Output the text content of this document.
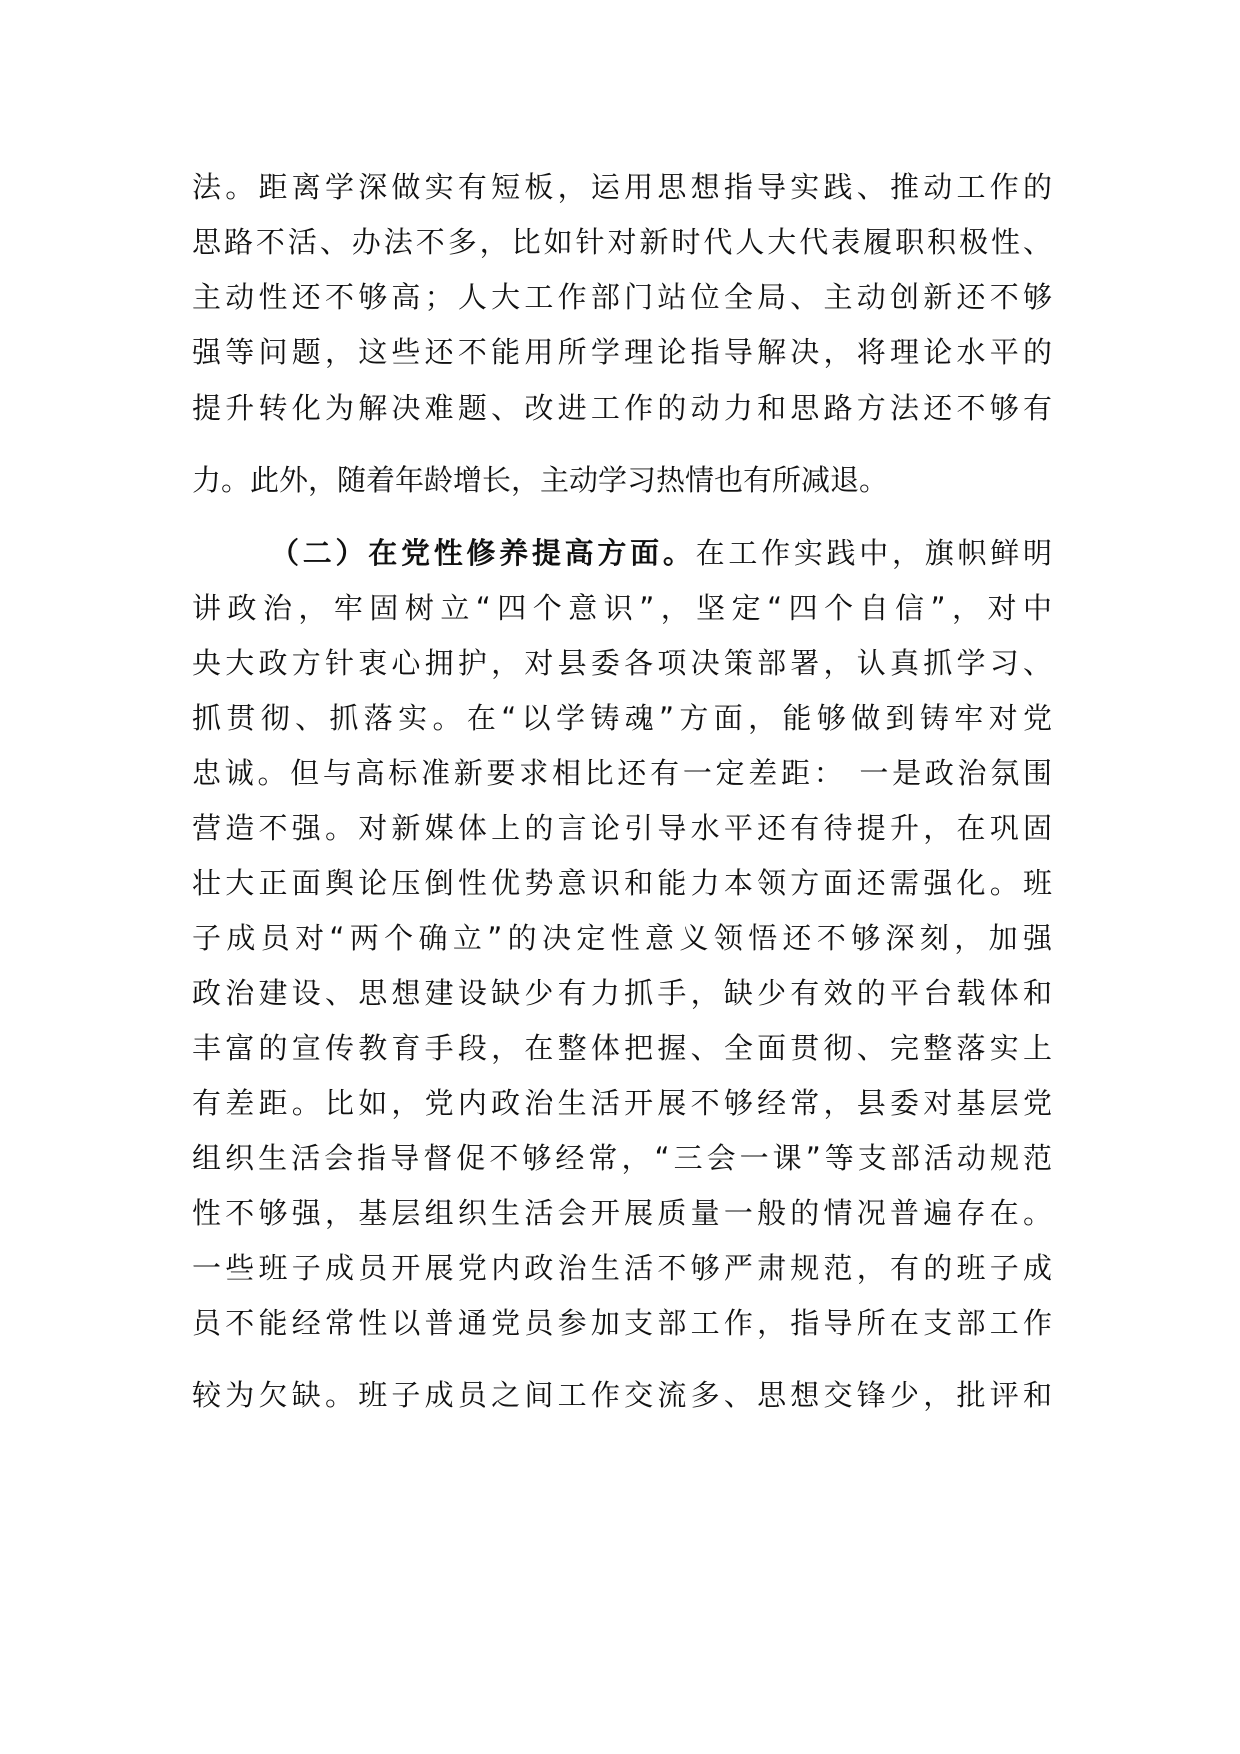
法。距离学深做实有短板，运用思想指导实践、推动工作的
思路不活、办法不多，比如针对新时代人大代表履职积极性、
主动性还不够高；人大工作部门站位全局、主动创新还不够
强等问题，这些还不能用所学理论指导解决，将理论水平的
提升转化为解决难题、改进工作的动力和思路方法还不够有
力。此外，随着年龄增长，主动学习热情也有所减退。
（二）在党性修养提高方面。在工作实践中，旗帜鲜明
讲政治，牢固树立“四个意识”，坚定“四个自信”，对中
央大政方针衷心拥护，对县委各项决策部署，认真抓学习、
抓贯彻、抓落实。在“以学铸魂”方面，能够做到铸牢对党
忠诚。但与高标准新要求相比还有一定差距： 一是政治氛围
营造不强。对新媒体上的言论引导水平还有待提升，在巩固
壮大正面舆论压倒性优势意识和能力本领方面还需强化。班
子成员对“两个确立”的决定性意义领悟还不够深刻，加强
政治建设、思想建设缺少有力抓手，缺少有效的平台载体和
丰富的宣传教育手段，在整体把握、全面贯彻、完整落实上
有差距。比如，党内政治生活开展不够经常，县委对基层党
组织生活会指导督促不够经常，“三会一课”等支部活动规范
性不够强，基层组织生活会开展质量一般的情况普遍存在。
一些班子成员开展党内政治生活不够严肃规范，有的班子成
员不能经常性以普通党员参加支部工作，指导所在支部工作
较为欠缺。班子成员之间工作交流多、思想交锋少，批评和
